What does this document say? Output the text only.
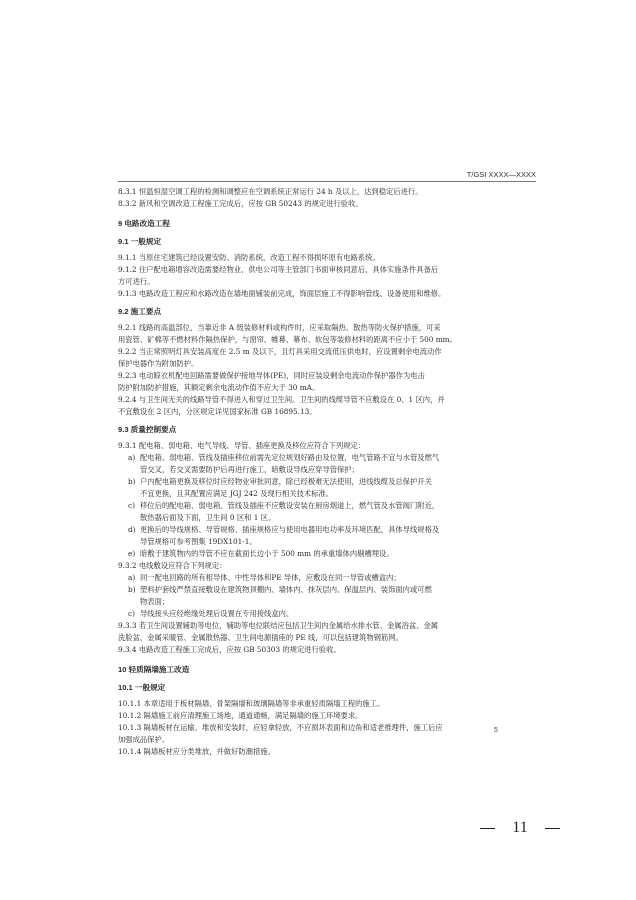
T/GSI XXXX—XXXX
8.3.1 恒温恒湿空调工程的检测和调整应在空调系统正常运行 24 h 及以上，达到稳定后进行。
8.3.2 新风和空调改造工程施工完成后，应按 GB 50243 的规定进行验收。
9 电路改造工程
9.1 一般规定
9.1.1 当原住宅建筑已经设置安防、消防系统，改造工程不得损坏原有电路系统。
9.1.2 住户配电箱增容改造需要经物业、供电公司等主管部门书面审核同意后，具体实施条件具备后
方可进行。
9.1.3 电路改造工程应和水路改造在墙地面铺装前完成，饰面层施工不得影响管线、设备使用和维修。
9.2 施工要点
9.2.1 线路的高温部位，当靠近非 A 级装修材料或构件时，应采取隔热、散热等防火保护措施，可采
用瓷管、矿棉等不燃材料作隔热保护，与窗帘、帷幕、幕布、软包等装修材料的距离不应小于 500 mm。
9.2.2 当正常照明灯具安装高度在 2.5 m 及以下，且灯具采用交流低压供电时，应设置剩余电流动作
保护电器作为附加防护。
9.2.3 电动晾衣机配电回路需要做保护接地导体(PE)，同时应装设剩余电流动作保护器作为电击
防护附加防护措施，其额定剩余电流动作值不应大于 30 mA。
9.2.4 与卫生间无关的线路导管不得进入和穿过卫生间。卫生间的线缆导管不应敷设在 0、1 区内，并
不宜敷设在 2 区内，分区规定详见国家标准 GB 16895.13。
9.3 质量控制要点
9.3.1 配电箱、弱电箱、电气导线、导管、插座更换及移位应符合下列规定：
a) 配电箱、弱电箱、管线及插座移位前需先定位规划好路由及位置，电气管路不宜与水管及燃气
管交叉，若交叉需要防护后再进行施工，暗敷设导线应穿导管保护；
b) 户内配电箱更换及移位时应经物业审批同意，除已经极难无法使用，进线线缆及总保护开关
不宜更换，且其配置应满足 JGJ 242 及现行相关技术标准。
c) 移位后的配电箱、弱电箱、管线及插座不应敷设安装在厨房烟道上，燃气管及水管阀门附近，
散热器后面及下面，卫生间 0 区和 1 区。
d) 更换后的导线规格、导管规格、插座规格应与使用电器用电功率及环境匹配，具体导线规格及
导管规格可参考图集 19DX101-1。
e) 暗敷于建筑物内的导管不应在截面长边小于 500 mm 的承重墙体内剔槽埋设。
9.3.2 电线敷设应符合下列规定：
a) 同一配电回路的所有相导体、中性导体和PE 导体，应敷设在同一导管或槽盒内；
b) 塑料护套线严禁直接敷设在建筑物顶棚内、墙体内、抹灰层内、保温层内、装饰面内或可燃
物表面；
c) 导线接头应经绝缘处理后设置在专用接线盒内。
9.3.3 若卫生间设置辅助等电位，辅助等电位联结应包括卫生间内金属给水排水管、金属浴盆、金属
洗脸盆、金属采暖管、金属散热器、卫生间电源插座的 PE 线，可以包括建筑物钢筋网。
9.3.4 电路改造工程施工完成后，应按 GB 50303 的规定进行验收。
10 轻质隔墙施工改造
10.1 一般规定
10.1.1 本章适用于板材隔墙、骨架隔墙和玻璃隔墙等非承重轻质隔墙工程的施工。
10.1.2 隔墙施工前应清理施工场地，通道通畅，满足隔墙的施工环境要求。
10.1.3 隔墙板材在运输、堆放和安装时，应轻拿轻放，不应损坏表面和边角和适老推理件，施工后应
加强成品保护。
10.1.4 隔墙板材应分类堆放，并做好防潮措施。
5
11
